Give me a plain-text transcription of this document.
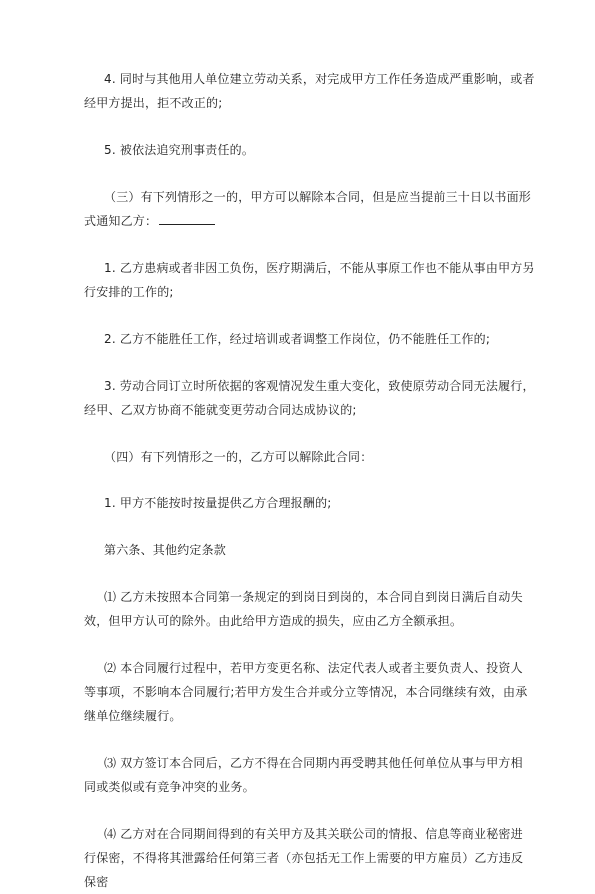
4. 同时与其他用人单位建立劳动关系，对完成甲方工作任务造成严重影响，或者经甲方提出，拒不改正的;

5. 被依法追究刑事责任的。

（三）有下列情形之一的，甲方可以解除本合同，但是应当提前三十日以书面形式通知乙方：

1. 乙方患病或者非因工负伤，医疗期满后，不能从事原工作也不能从事由甲方另行安排的工作的;

2. 乙方不能胜任工作，经过培训或者调整工作岗位，仍不能胜任工作的;

3. 劳动合同订立时所依据的客观情况发生重大变化，致使原劳动合同无法履行，经甲、乙双方协商不能就变更劳动合同达成协议的;

（四）有下列情形之一的，乙方可以解除此合同：

1. 甲方不能按时按量提供乙方合理报酬的;

第六条、其他约定条款

⑴ 乙方未按照本合同第一条规定的到岗日到岗的，本合同自到岗日满后自动失效，但甲方认可的除外。由此给甲方造成的损失，应由乙方全额承担。

⑵ 本合同履行过程中，若甲方变更名称、法定代表人或者主要负责人、投资人等事项，不影响本合同履行;若甲方发生合并或分立等情况，本合同继续有效，由承继单位继续履行。

⑶ 双方签订本合同后，乙方不得在合同期内再受聘其他任何单位从事与甲方相同或类似或有竞争冲突的业务。

⑷ 乙方对在合同期间得到的有关甲方及其关联公司的情报、信息等商业秘密进行保密，不得将其泄露给任何第三者（亦包括无工作上需要的甲方雇员）乙方违反保密
